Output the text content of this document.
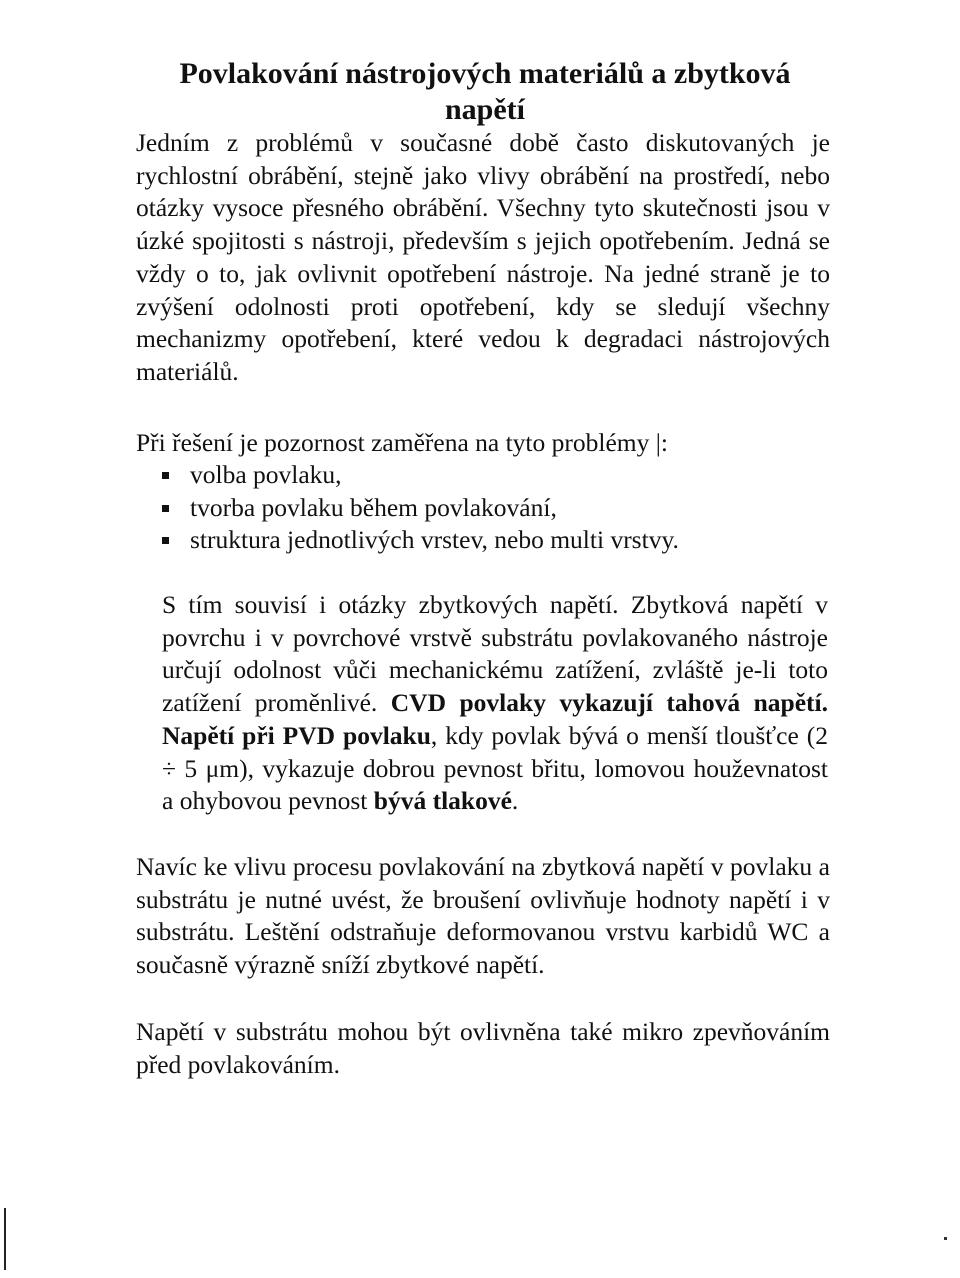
Povlakování nástrojových materiálů a zbytková napětí
Jedním z problémů v současné době často diskutovaných je rychlostní obrábění, stejně jako vlivy obrábění na prostředí, nebo otázky vysoce přesného obrábění. Všechny tyto skutečnosti jsou v úzké spojitosti s nástroji, především s jejich opotřebením. Jedná se vždy o to, jak ovlivnit opotřebení nástroje. Na jedné straně je to zvýšení odolnosti proti opotřebení, kdy se sledují všechny mechanizmy opotřebení, které vedou k degradaci nástrojových materiálů.
Při řešení je pozornost zaměřena na tyto problémy |:
volba povlaku,
tvorba povlaku během povlakování,
struktura jednotlivých vrstev, nebo multi vrstvy.
S tím souvisí i otázky zbytkových napětí. Zbytková napětí v povrchu i v povrchové vrstvě substrátu povlakovaného nástroje určují odolnost vůči mechanickému zatížení, zvláště je-li toto zatížení proměnlivé. CVD povlaky vykazují tahová napětí. Napětí při PVD povlaku, kdy povlak bývá o menší tloušťce (2 ÷ 5 μm), vykazuje dobrou pevnost břitu, lomovou houževnatost a ohybovou pevnost bývá tlakové.
Navíc ke vlivu procesu povlakování na zbytková napětí v povlaku a substrátu je nutné uvést, že broušení ovlivňuje hodnoty napětí i v substrátu. Leštění odstraňuje deformovanou vrstvu karbidů WC a současně výrazně sníží zbytkové napětí.
Napětí v substrátu mohou být ovlivněna také mikro zpevňováním před povlakováním.
